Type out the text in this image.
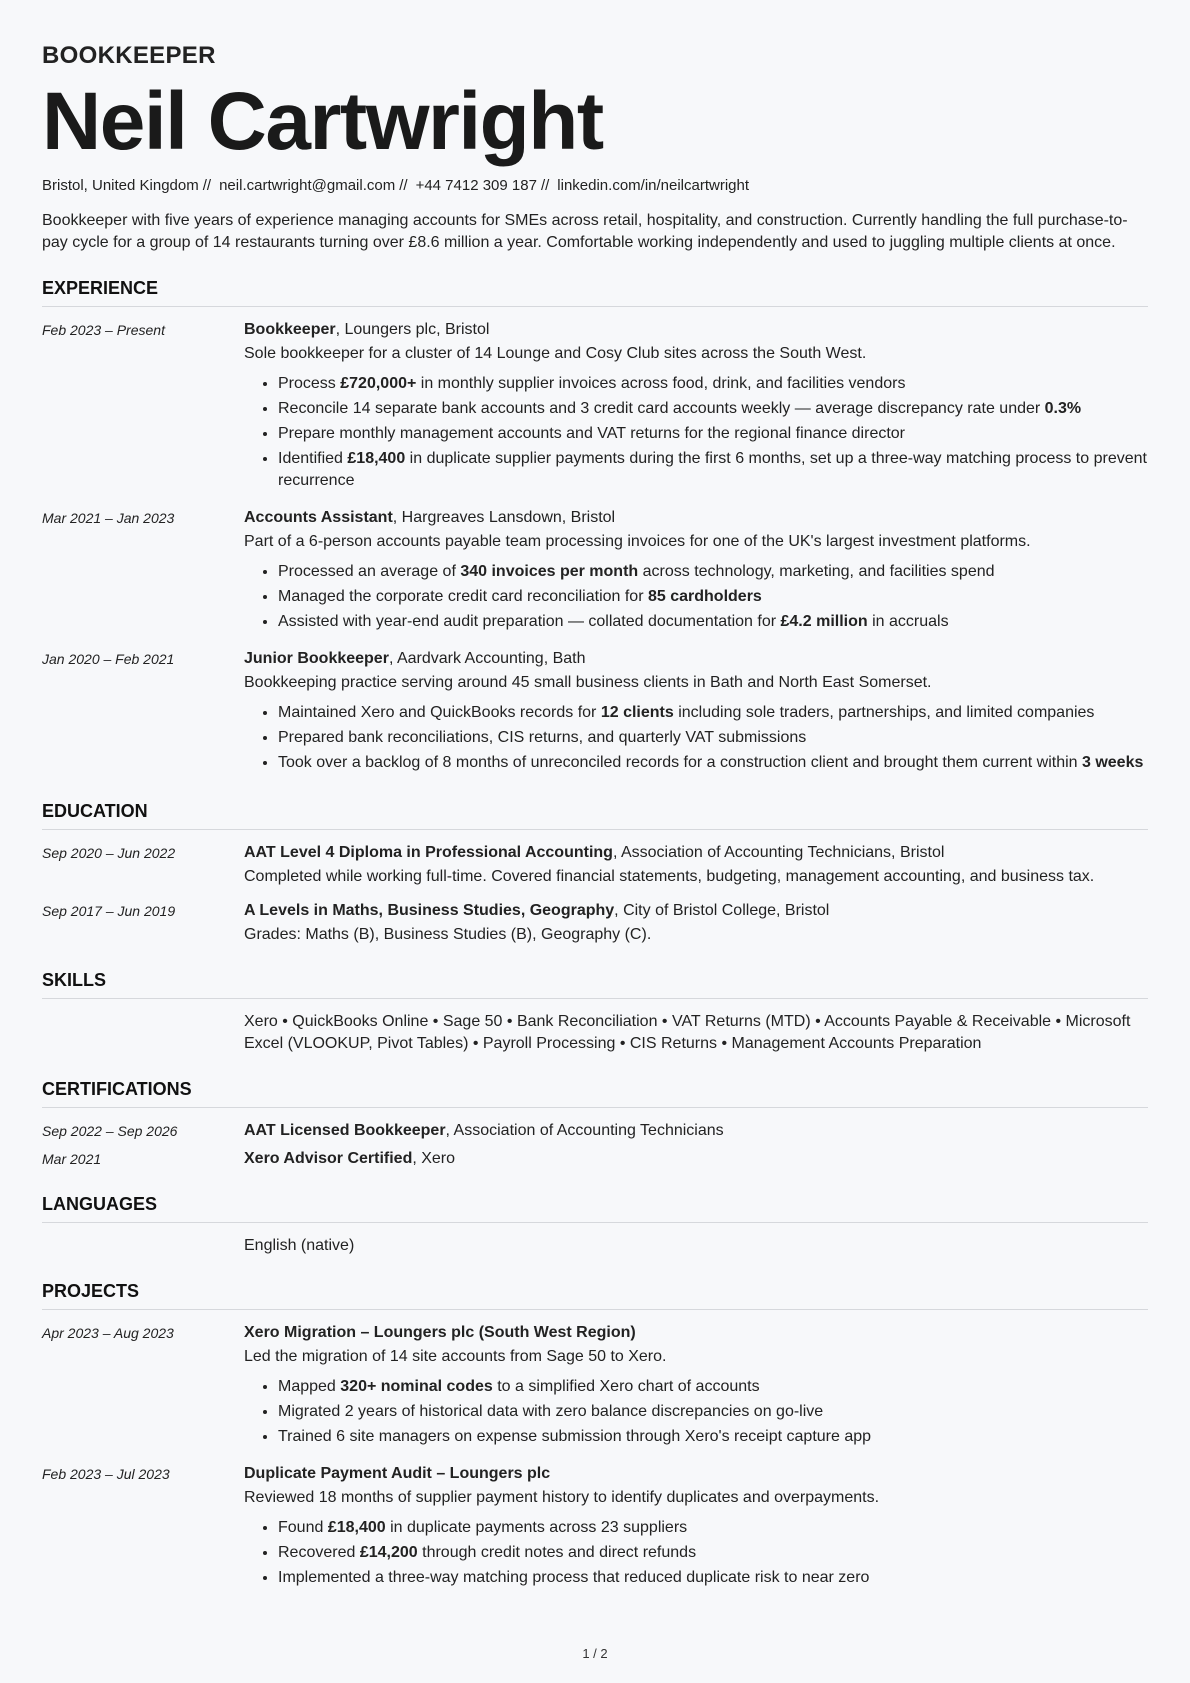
BOOKKEEPER
Neil Cartwright
Bristol, United Kingdom // neil.cartwright@gmail.com // +44 7412 309 187 // linkedin.com/in/neilcartwright

Bookkeeper with five years of experience managing accounts for SMEs across retail, hospitality, and construction. Currently handling the full purchase-to-pay cycle for a group of 14 restaurants turning over £8.6 million a year. Comfortable working independently and used to juggling multiple clients at once.

EXPERIENCE
Feb 2023 – Present	Bookkeeper, Loungers plc, Bristol
Sole bookkeeper for a cluster of 14 Lounge and Cosy Club sites across the South West.
• Process £720,000+ in monthly supplier invoices across food, drink, and facilities vendors
• Reconcile 14 separate bank accounts and 3 credit card accounts weekly — average discrepancy rate under 0.3%
• Prepare monthly management accounts and VAT returns for the regional finance director
• Identified £18,400 in duplicate supplier payments during the first 6 months, set up a three-way matching process to prevent recurrence
Mar 2021 – Jan 2023	Accounts Assistant, Hargreaves Lansdown, Bristol
Part of a 6-person accounts payable team processing invoices for one of the UK's largest investment platforms.
• Processed an average of 340 invoices per month across technology, marketing, and facilities spend
• Managed the corporate credit card reconciliation for 85 cardholders
• Assisted with year-end audit preparation — collated documentation for £4.2 million in accruals
Jan 2020 – Feb 2021	Junior Bookkeeper, Aardvark Accounting, Bath
Bookkeeping practice serving around 45 small business clients in Bath and North East Somerset.
• Maintained Xero and QuickBooks records for 12 clients including sole traders, partnerships, and limited companies
• Prepared bank reconciliations, CIS returns, and quarterly VAT submissions
• Took over a backlog of 8 months of unreconciled records for a construction client and brought them current within 3 weeks
EDUCATION
Sep 2020 – Jun 2022	AAT Level 4 Diploma in Professional Accounting, Association of Accounting Technicians, Bristol
Completed while working full-time. Covered financial statements, budgeting, management accounting, and business tax.
Sep 2017 – Jun 2019	A Levels in Maths, Business Studies, Geography, City of Bristol College, Bristol
Grades: Maths (B), Business Studies (B), Geography (C).
SKILLS
Xero • QuickBooks Online • Sage 50 • Bank Reconciliation • VAT Returns (MTD) • Accounts Payable & Receivable • Microsoft Excel (VLOOKUP, Pivot Tables) • Payroll Processing • CIS Returns • Management Accounts Preparation
CERTIFICATIONS
Sep 2022 – Sep 2026	AAT Licensed Bookkeeper, Association of Accounting Technicians
Mar 2021	Xero Advisor Certified, Xero
LANGUAGES
English (native)
PROJECTS
Apr 2023 – Aug 2023	Xero Migration – Loungers plc (South West Region)
Led the migration of 14 site accounts from Sage 50 to Xero.
• Mapped 320+ nominal codes to a simplified Xero chart of accounts
• Migrated 2 years of historical data with zero balance discrepancies on go-live
• Trained 6 site managers on expense submission through Xero's receipt capture app
Feb 2023 – Jul 2023	Duplicate Payment Audit – Loungers plc
Reviewed 18 months of supplier payment history to identify duplicates and overpayments.
• Found £18,400 in duplicate payments across 23 suppliers
• Recovered £14,200 through credit notes and direct refunds
• Implemented a three-way matching process that reduced duplicate risk to near zero
1 / 2
